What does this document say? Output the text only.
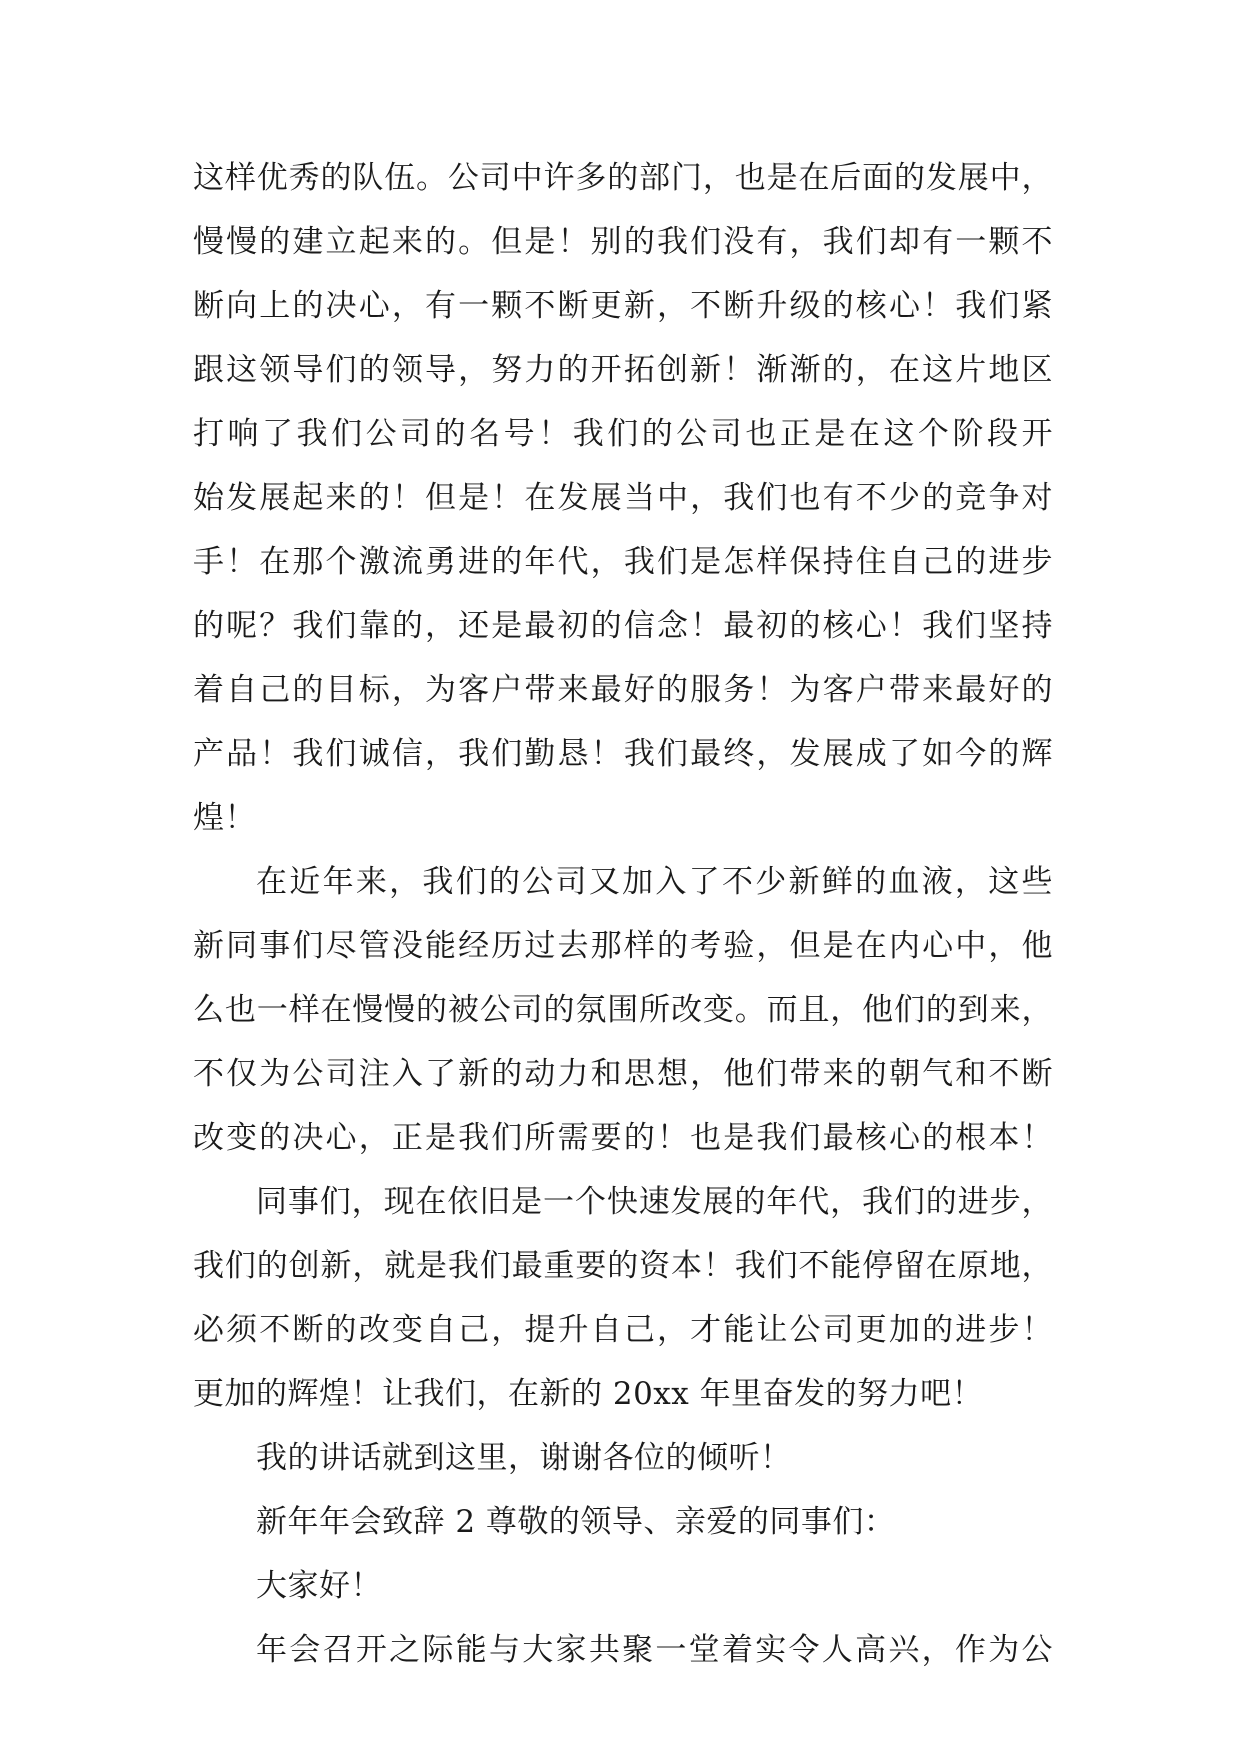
这样优秀的队伍。公司中许多的部门，也是在后面的发展中，
慢慢的建立起来的。但是！别的我们没有，我们却有一颗不
断向上的决心，有一颗不断更新，不断升级的核心！我们紧
跟这领导们的领导，努力的开拓创新！渐渐的，在这片地区
打响了我们公司的名号！我们的公司也正是在这个阶段开
始发展起来的！但是！在发展当中，我们也有不少的竞争对
手！在那个激流勇进的年代，我们是怎样保持住自己的进步
的呢？我们靠的，还是最初的信念！最初的核心！我们坚持
着自己的目标，为客户带来最好的服务！为客户带来最好的
产品！我们诚信，我们勤恳！我们最终，发展成了如今的辉
煌！
在近年来，我们的公司又加入了不少新鲜的血液，这些
新同事们尽管没能经历过去那样的考验，但是在内心中，他
么也一样在慢慢的被公司的氛围所改变。而且，他们的到来，
不仅为公司注入了新的动力和思想，他们带来的朝气和不断
改变的决心，正是我们所需要的！也是我们最核心的根本！
同事们，现在依旧是一个快速发展的年代，我们的进步，
我们的创新，就是我们最重要的资本！我们不能停留在原地，
必须不断的改变自己，提升自己，才能让公司更加的进步！
更加的辉煌！让我们，在新的 20xx 年里奋发的努力吧！
我的讲话就到这里，谢谢各位的倾听！
新年年会致辞 2 尊敬的领导、亲爱的同事们：
大家好！
年会召开之际能与大家共聚一堂着实令人高兴，作为公
